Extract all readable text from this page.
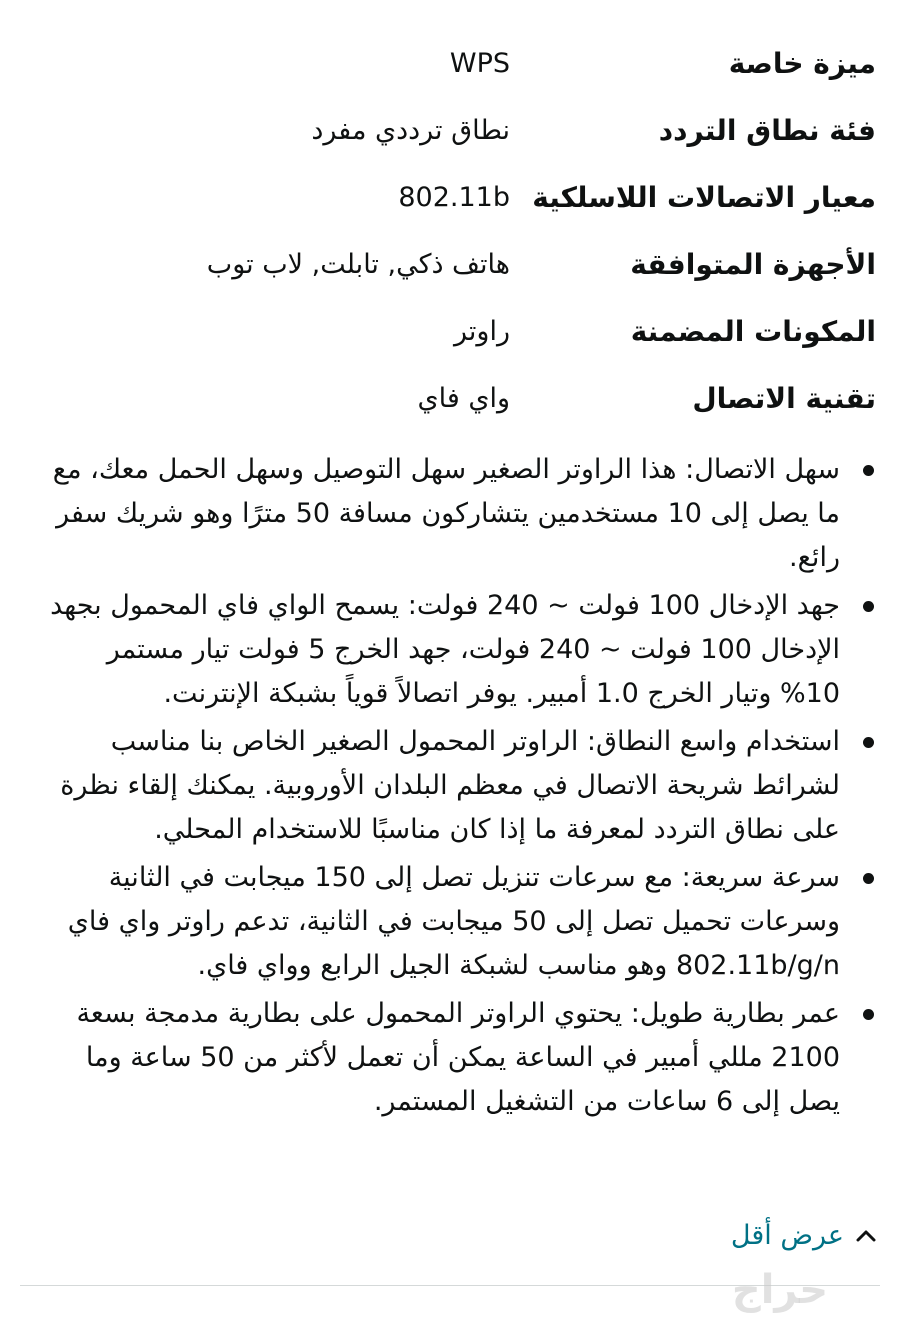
ميزة خاصة
WPS
فئة نطاق التردد
نطاق ترددي مفرد
معيار الاتصالات اللاسلكية
802.11b
الأجهزة المتوافقة
هاتف ذكي, تابلت, لاب توب
المكونات المضمنة
راوتر
تقنية الاتصال
واي فاي
سهل الاتصال: هذا الراوتر الصغير سهل التوصيل وسهل الحمل معك، مع ما يصل إلى 10 مستخدمين يتشاركون مسافة 50 مترًا وهو شريك سفر رائع.
جهد الإدخال 100 فولت ~ 240 فولت: يسمح الواي فاي المحمول بجهد الإدخال 100 فولت ~ 240 فولت، جهد الخرج 5 فولت تيار مستمر 10% وتيار الخرج 1.0 أمبير. يوفر اتصالاً قوياً بشبكة الإنترنت.
استخدام واسع النطاق: الراوتر المحمول الصغير الخاص بنا مناسب لشرائط شريحة الاتصال في معظم البلدان الأوروبية. يمكنك إلقاء نظرة على نطاق التردد لمعرفة ما إذا كان مناسبًا للاستخدام المحلي.
سرعة سريعة: مع سرعات تنزيل تصل إلى 150 ميجابت في الثانية وسرعات تحميل تصل إلى 50 ميجابت في الثانية، تدعم راوتر واي فاي 802.11b/g/n وهو مناسب لشبكة الجيل الرابع وواي فاي.
عمر بطارية طويل: يحتوي الراوتر المحمول على بطارية مدمجة بسعة 2100 مللي أمبير في الساعة يمكن أن تعمل لأكثر من 50 ساعة وما يصل إلى 6 ساعات من التشغيل المستمر.
عرض أقل
حراج
